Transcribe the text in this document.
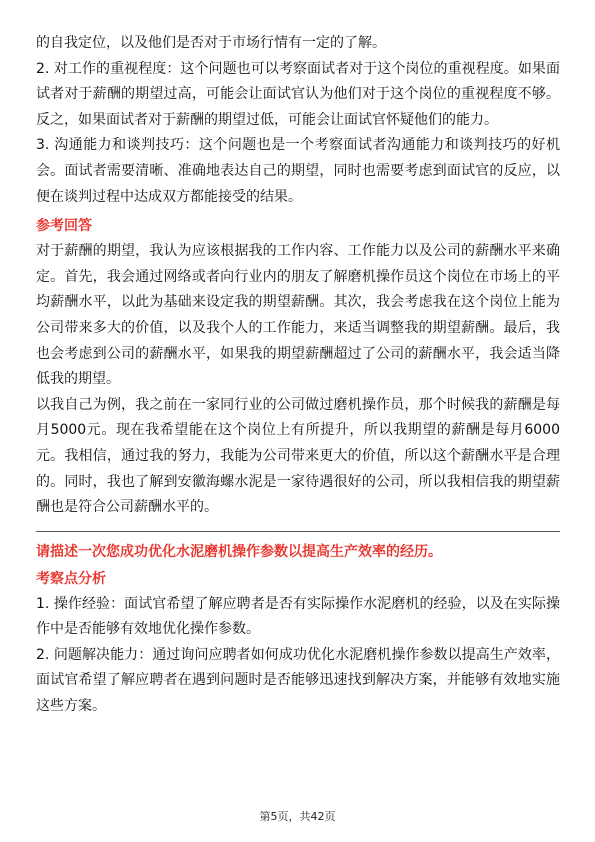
的自我定位，以及他们是否对于市场行情有一定的了解。

2. 对工作的重视程度：这个问题也可以考察面试者对于这个岗位的重视程度。如果面试者对于薪酬的期望过高，可能会让面试官认为他们对于这个岗位的重视程度不够。反之，如果面试者对于薪酬的期望过低，可能会让面试官怀疑他们的能力。

3. 沟通能力和谈判技巧：这个问题也是一个考察面试者沟通能力和谈判技巧的好机会。面试者需要清晰、准确地表达自己的期望，同时也需要考虑到面试官的反应，以便在谈判过程中达成双方都能接受的结果。

参考回答

对于薪酬的期望，我认为应该根据我的工作内容、工作能力以及公司的薪酬水平来确定。首先，我会通过网络或者向行业内的朋友了解磨机操作员这个岗位在市场上的平均薪酬水平，以此为基础来设定我的期望薪酬。其次，我会考虑我在这个岗位上能为公司带来多大的价值，以及我个人的工作能力，来适当调整我的期望薪酬。最后，我也会考虑到公司的薪酬水平，如果我的期望薪酬超过了公司的薪酬水平，我会适当降低我的期望。

以我自己为例，我之前在一家同行业的公司做过磨机操作员，那个时候我的薪酬是每月5000元。现在我希望能在这个岗位上有所提升，所以我期望的薪酬是每月6000元。我相信，通过我的努力，我能为公司带来更大的价值，所以这个薪酬水平是合理的。同时，我也了解到安徽海螺水泥是一家待遇很好的公司，所以我相信我的期望薪酬也是符合公司薪酬水平的。

请描述一次您成功优化水泥磨机操作参数以提高生产效率的经历。
考察点分析

1. 操作经验：面试官希望了解应聘者是否有实际操作水泥磨机的经验，以及在实际操作中是否能够有效地优化操作参数。

2. 问题解决能力：通过询问应聘者如何成功优化水泥磨机操作参数以提高生产效率，面试官希望了解应聘者在遇到问题时是否能够迅速找到解决方案，并能够有效地实施这些方案。

第5页，共42页
